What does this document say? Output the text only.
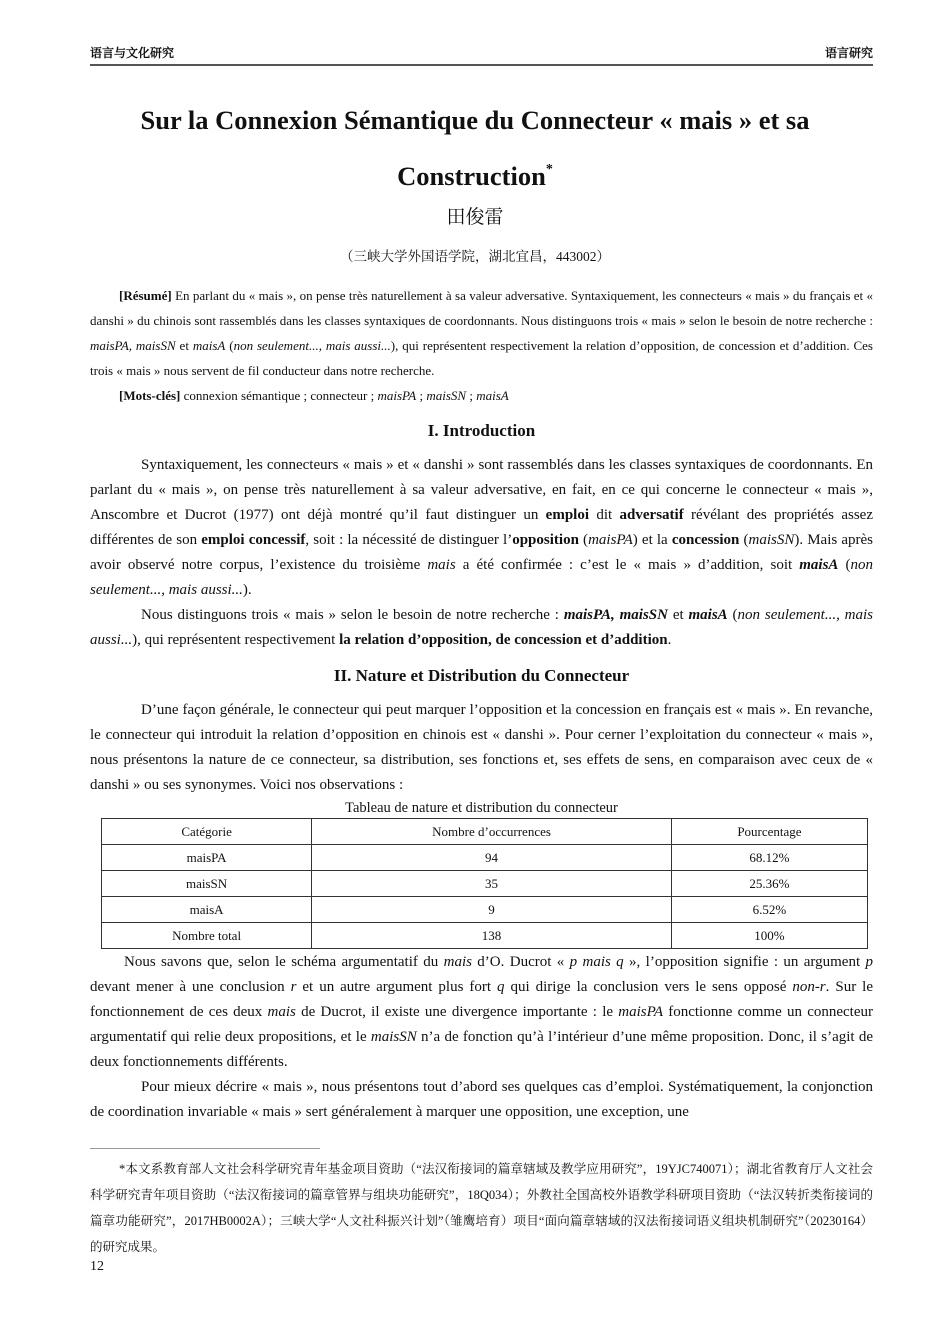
语言与文化研究	语言研究
Sur la Connexion Sémantique du Connecteur « mais » et sa
Construction*
田俊雷
（三峡大学外国语学院，湖北宜昌，443002）

[Résumé] En parlant du « mais », on pense très naturellement à sa valeur adversative. Syntaxiquement, les connecteurs « mais » du français et « danshi » du chinois sont rassemblés dans les classes syntaxiques de coordonnants. Nous distinguons trois « mais » selon le besoin de notre recherche : maisPA, maisSN et maisA (non seulement..., mais aussi...), qui représentent respectivement la relation d’opposition, de concession et d’addition. Ces trois « mais » nous servent de fil conducteur dans notre recherche.

[Mots-clés] connexion sémantique ; connecteur ; maisPA ; maisSN ; maisA

I. Introduction

Syntaxiquement, les connecteurs « mais » et « danshi » sont rassemblés dans les classes syntaxiques de coordonnants. En parlant du « mais », on pense très naturellement à sa valeur adversative, en fait, en ce qui concerne le connecteur « mais », Anscombre et Ducrot (1977) ont déjà montré qu’il faut distinguer un emploi dit adversatif révélant des propriétés assez différentes de son emploi concessif, soit : la nécessité de distinguer l’opposition (maisPA) et la concession (maisSN). Mais après avoir observé notre corpus, l’existence du troisième mais a été confirmée : c’est le « mais » d’addition, soit maisA (non seulement..., mais aussi...).

Nous distinguons trois « mais » selon le besoin de notre recherche : maisPA, maisSN et maisA (non seulement..., mais aussi...), qui représentent respectivement la relation d’opposition, de concession et d’addition.

II. Nature et Distribution du Connecteur

D’une façon générale, le connecteur qui peut marquer l’opposition et la concession en français est « mais ». En revanche, le connecteur qui introduit la relation d’opposition en chinois est « danshi ». Pour cerner l’exploitation du connecteur « mais », nous présentons la nature de ce connecteur, sa distribution, ses fonctions et, ses effets de sens, en comparaison avec ceux de « danshi » ou ses synonymes. Voici nos observations :

Tableau de nature et distribution du connecteur

Catégorie	Nombre d’occurrences	Pourcentage
maisPA	94	68.12%
maisSN	35	25.36%
maisA	9	6.52%
Nombre total	138	100%

Nous savons que, selon le schéma argumentatif du mais d’O. Ducrot « p mais q », l’opposition signifie : un argument p devant mener à une conclusion r et un autre argument plus fort q qui dirige la conclusion vers le sens opposé non-r. Sur le fonctionnement de ces deux mais de Ducrot, il existe une divergence importante : le maisPA fonctionne comme un connecteur argumentatif qui relie deux propositions, et le maisSN n’a de fonction qu’à l’intérieur d’une même proposition. Donc, il s’agit de deux fonctionnements différents.

Pour mieux décrire « mais », nous présentons tout d’abord ses quelques cas d’emploi. Systématiquement, la conjonction de coordination invariable « mais » sert généralement à marquer une opposition, une exception, une

*本文系教育部人文社会科学研究青年基金项目资助（“法汉衔接词的篇章辖域及教学应用研究”，19YJC740071）；湖北省教育厅人文社会科学研究青年项目资助（“法汉衔接词的篇章管界与组块功能研究”，18Q034）；外教社全国高校外语教学科研项目资助（“法汉转折类衔接词的篇章功能研究”，2017HB0002A）；三峡大学“人文社科振兴计划”（雏鹰培育）项目“面向篇章辖域的汉法衔接词语义组块机制研究”（20230164）的研究成果。
12
